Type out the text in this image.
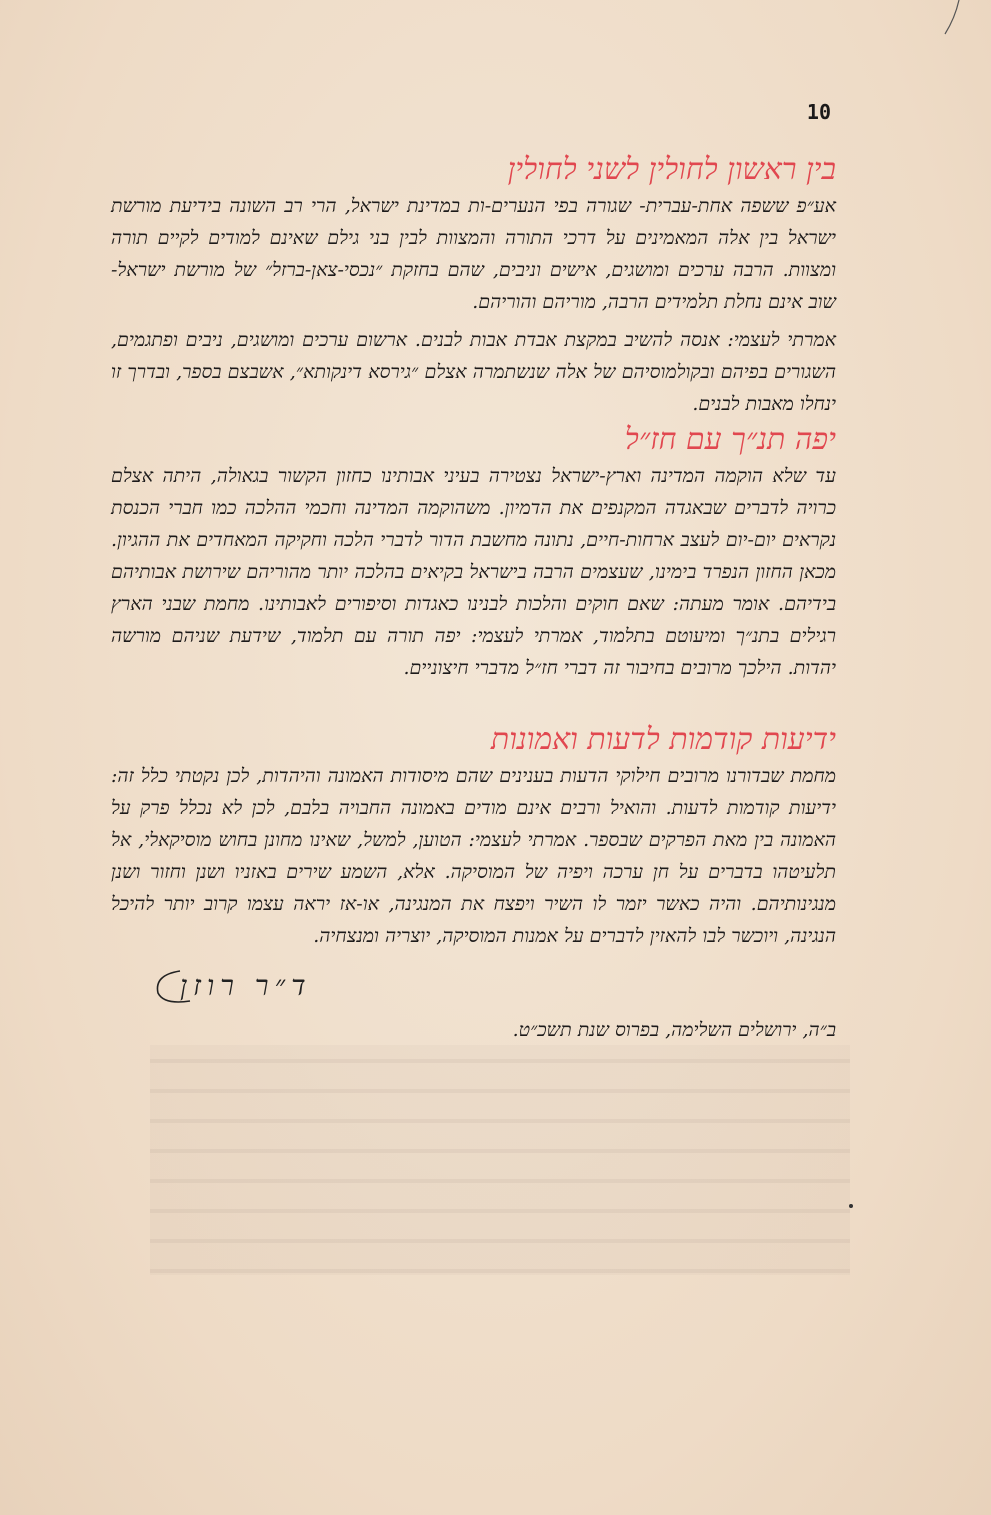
10
בין ראשון לחולין לשני לחולין

אע״פ ששפה אחת-עברית- שגורה בפי הנערים-ות במדינת ישראל, הרי רב השונה בידיעת מורשת ישראל בין אלה המאמינים על דרכי התורה והמצוות לבין בני גילם שאינם למודים לקיים תורה ומצוות. הרבה ערכים ומושגים, אישים וניבים, שהם בחזקת ״נכסי-צאן-ברזל״ של מורשת ישראל- שוב אינם נחלת תלמידים הרבה, מוריהם והוריהם.

אמרתי לעצמי: אנסה להשיב במקצת אבדת אבות לבנים. ארשום ערכים ומושגים, ניבים ופתגמים, השגורים בפיהם ובקולמוסיהם של אלה שנשתמרה אצלם ״גירסא דינקותא״, אשבצם בספר, ובדרך זו ינחלו מאבות לבנים.

יפה תנ״ך עם חז״ל

עד שלא הוקמה המדינה וארץ-ישראל נצטירה בעיני אבותינו כחזון הקשור בגאולה, היתה אצלם כרויה לדברים שבאגדה המקנפים את הדמיון. משהוקמה המדינה וחכמי ההלכה כמו חברי הכנסת נקראים יום-יום לעצב ארחות-חיים, נתונה מחשבת הדור לדברי הלכה וחקיקה המאחדים את ההגיון. מכאן החזון הנפרד בימינו, שעצמים הרבה בישראל בקיאים בהלכה יותר מהוריהם שירושת אבותיהם בידיהם. אומר מעתה: שאם חוקים והלכות לבנינו כאגדות וסיפורים לאבותינו. מחמת שבני הארץ רגילים בתנ״ך ומיעוטם בתלמוד, אמרתי לעצמי: יפה תורה עם תלמוד, שידעת שניהם מורשה יהדות. הילכך מרובים בחיבור זה דברי חז״ל מדברי חיצוניים.

ידיעות קודמות לדעות ואמונות

מחמת שבדורנו מרובים חילוקי הדעות בענינים שהם מיסודות האמונה והיהדות, לכן נקטתי כלל זה: ידיעות קודמות לדעות. והואיל ורבים אינם מודים באמונה החבויה בלבם, לכן לא נכלל פרק על האמונה בין מאת הפרקים שבספר. אמרתי לעצמי: הטוען, למשל, שאינו מחונן בחוש מוסיקאלי, אל תלעיטהו בדברים על חן ערכה ויפיה של המוסיקה. אלא, השמע שירים באזניו ושנן וחזור ושנן מנגינותיהם. והיה כאשר יזמר לו השיר ויפצח את המנגינה, או-אז יראה עצמו קרוב יותר להיכל הנגינה, ויוכשר לבו להאזין לדברים על אמנות המוסיקה, יוצריה ומנצחיה.

ד״ר רוזן
ב״ה, ירושלים השלימה, בפרוס שנת תשכ״ט.
